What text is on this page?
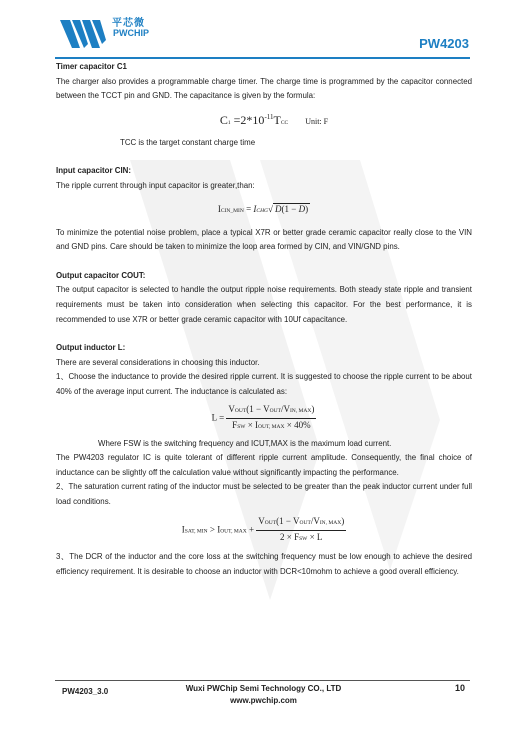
平芯微
PWCHIP
PW4203
Timer capacitor C1

The charger also provides a programmable charge timer. The charge time is programmed by the capacitor connected between the TCCT pin and GND. The capacitance is given by the formula:

$C1 =2*10^{-11}TCC$ Unit: F
TCC is the target constant charge time
Input capacitor CIN:

The ripple current through input capacitor is greater,than:

ICIN_MIN = ICHG√ D(1 − D)

To minimize the potential noise problem, place a typical X7R or better grade ceramic capacitor really close to the VIN and GND pins. Care should be taken to minimize the loop area formed by CIN, and VIN/GND pins.

Output capacitor COUT:

The output capacitor is selected to handle the output ripple noise requirements. Both steady state ripple and transient requirements must be taken into consideration when selecting this capacitor. For the best performance, it is recommended to use X7R or better grade ceramic capacitor with 10Uf capacitance.

Output inductor L:

There are several considerations in choosing this inductor.

1、Choose the inductance to provide the desired ripple current. It is suggested to choose the ripple current to be about 40% of the average input current. The inductance is calculated as:

$L = \frac{\text{VOUT(1 − VOUT/VIN, MAX)}}{\text{FSW × IOUT, MAX × 40\%}}$
Where FSW is the switching frequency and ICUT,MAX is the maximum load current.

The PW4203 regulator IC is quite tolerant of different ripple current amplitude. Consequently, the final choice of inductance can be slightly off the calculation value without significantly impacting the performance.

2、The saturation current rating of the inductor must be selected to be greater than the peak inductor current under full load conditions.

ISAT, MIN > IOUT, MAX + $\frac{\text{VOUT(1 − VOUT/VIN, MAX)}}{\text{2 × FSW × L}}$

3、The DCR of the inductor and the core loss at the switching frequency must be low enough to achieve the desired efficiency requirement. It is desirable to choose an inductor with DCR<10mohm to achieve a good overall efficiency.

PW4203_3.0	Wuxi PWChip Semi Technology CO., LTD
www.pwchip.com
10
